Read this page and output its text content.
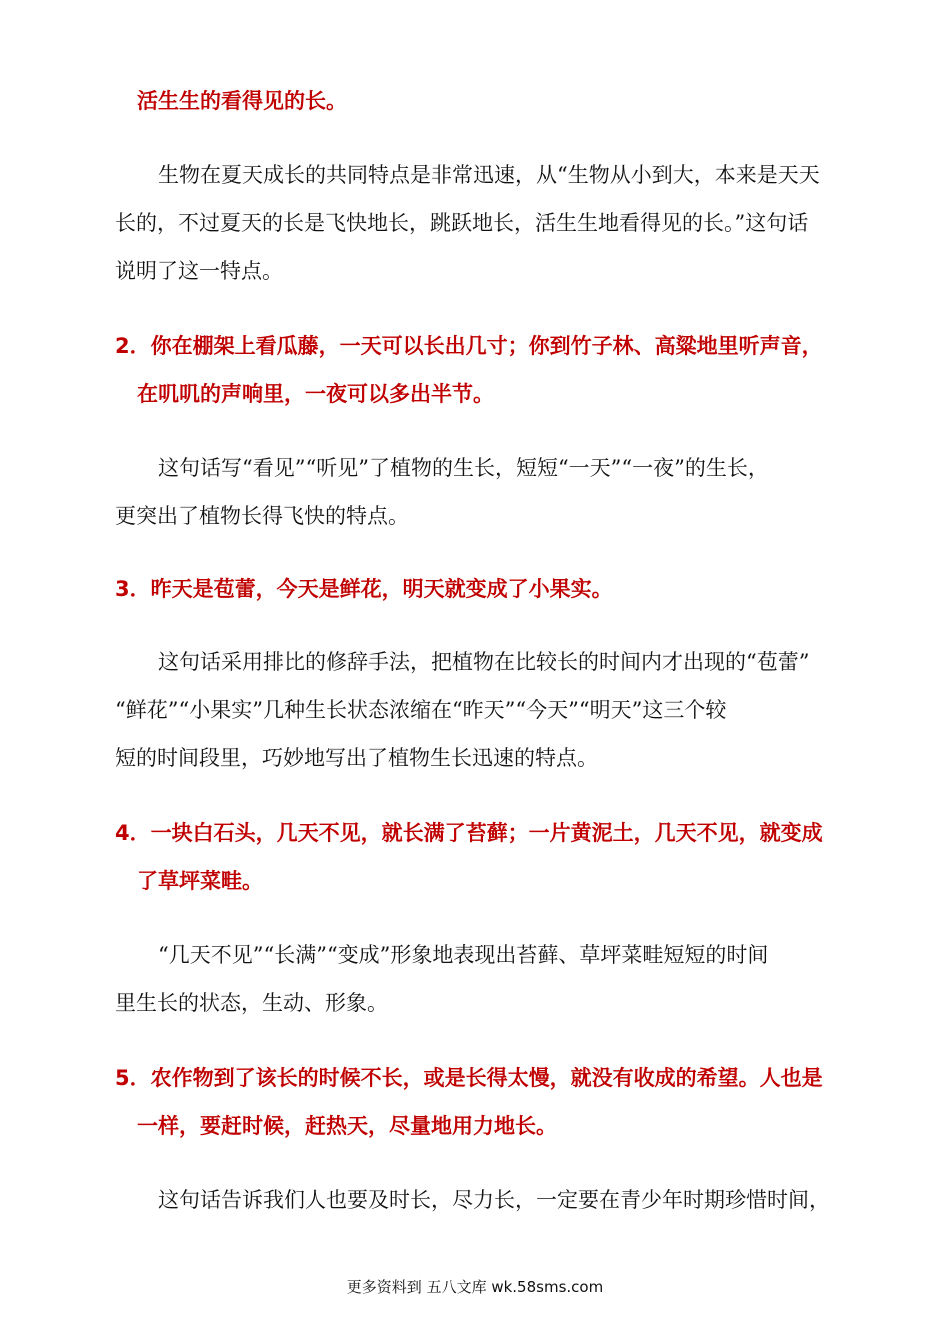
活生生的看得见的长。
生物在夏天成长的共同特点是非常迅速，从“生物从小到大，本来是天天
长的，不过夏天的长是飞快地长，跳跃地长，活生生地看得见的长。”这句话
说明了这一特点。
2．你在棚架上看瓜藤，一天可以长出几寸；你到竹子林、高粱地里听声音，
在叽叽的声响里，一夜可以多出半节。
这句话写“看见”“听见”了植物的生长，短短“一天”“一夜”的生长，
更突出了植物长得飞快的特点。
3．昨天是苞蕾，今天是鲜花，明天就变成了小果实。
这句话采用排比的修辞手法，把植物在比较长的时间内才出现的“苞蕾”
“鲜花”“小果实”几种生长状态浓缩在“昨天”“今天”“明天”这三个较
短的时间段里，巧妙地写出了植物生长迅速的特点。
4．一块白石头，几天不见，就长满了苔藓；一片黄泥土，几天不见，就变成
了草坪菜畦。
“几天不见”“长满”“变成”形象地表现出苔藓、草坪菜畦短短的时间
里生长的状态，生动、形象。
5．农作物到了该长的时候不长，或是长得太慢，就没有收成的希望。人也是
一样，要赶时候，赶热天，尽量地用力地长。
这句话告诉我们人也要及时长，尽力长，一定要在青少年时期珍惜时间，
更多资料到 五八文库 wk.58sms.com
